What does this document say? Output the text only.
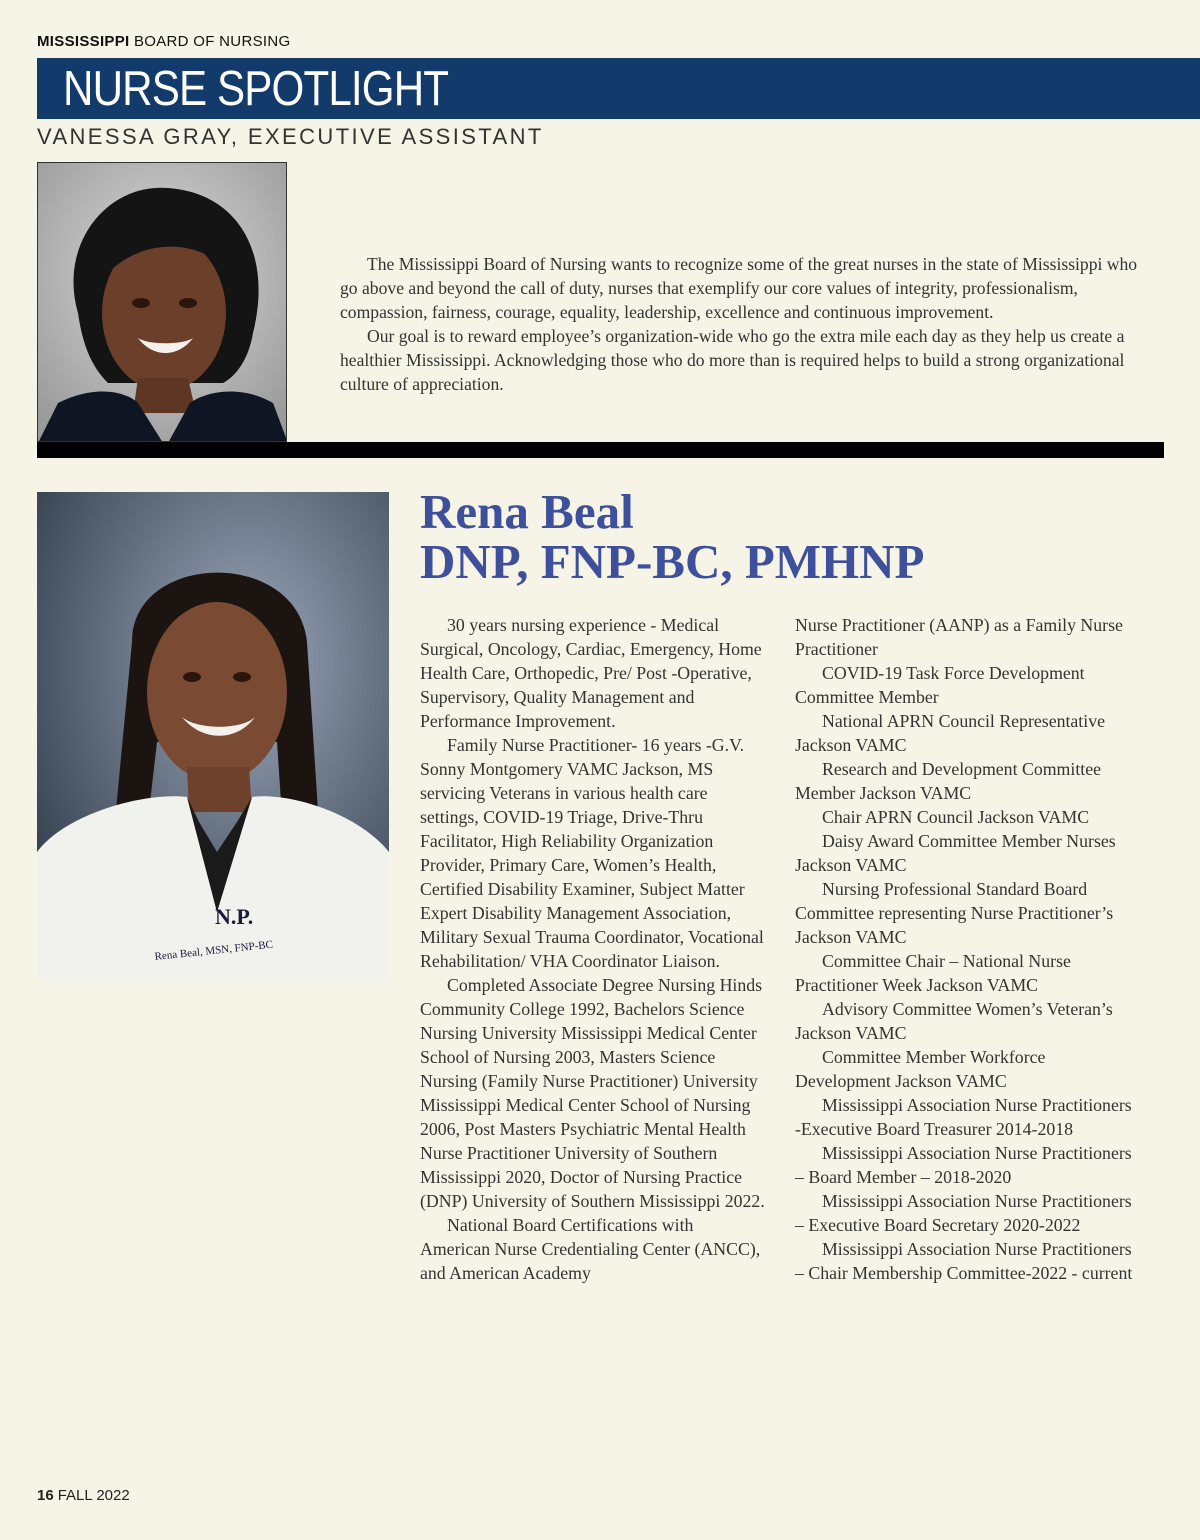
MISSISSIPPI BOARD OF NURSING
NURSE SPOTLIGHT
VANESSA GRAY, EXECUTIVE ASSISTANT

The Mississippi Board of Nursing wants to recognize some of the great nurses in the state of Mississippi who go above and beyond the call of duty, nurses that exemplify our core values of integrity, professionalism, compassion, fairness, courage, equality, leadership, excellence and continuous improvement.

Our goal is to reward employee’s organization-wide who go the extra mile each day as they help us create a healthier Mississippi. Acknowledging those who do more than is required helps to build a strong organizational culture of appreciation.

N.P.
Rena Beal, MSN, FNP-BC
Rena Beal
DNP, FNP-BC, PMHNP

30 years nursing experience - Medical Surgical, Oncology, Cardiac, Emergency, Home Health Care, Orthopedic, Pre/ Post -Operative, Supervisory, Quality Management and Performance Improvement.

Family Nurse Practitioner- 16 years -G.V. Sonny Montgomery VAMC Jackson, MS servicing Veterans in various health care settings, COVID-19 Triage, Drive-Thru Facilitator, High Reliability Organization Provider, Primary Care, Women’s Health, Certified Disability Examiner, Subject Matter Expert Disability Management Association, Military Sexual Trauma Coordinator, Vocational Rehabilitation/ VHA Coordinator Liaison.

Completed Associate Degree Nursing Hinds Community College 1992, Bachelors Science Nursing University Mississippi Medical Center School of Nursing 2003, Masters Science Nursing (Family Nurse Practitioner) University Mississippi Medical Center School of Nursing 2006, Post Masters Psychiatric Mental Health Nurse Practitioner University of Southern Mississippi 2020, Doctor of Nursing Practice (DNP) University of Southern Mississippi 2022.

National Board Certifications with American Nurse Credentialing Center (ANCC), and American Academy

Nurse Practitioner (AANP) as a Family Nurse Practitioner

COVID-19 Task Force Development Committee Member

National APRN Council Representative Jackson VAMC

Research and Development Committee Member Jackson VAMC

Chair APRN Council Jackson VAMC

Daisy Award Committee Member Nurses Jackson VAMC

Nursing Professional Standard Board Committee representing Nurse Practitioner’s Jackson VAMC

Committee Chair – National Nurse Practitioner Week Jackson VAMC

Advisory Committee Women’s Veteran’s Jackson VAMC

Committee Member Workforce Development Jackson VAMC

Mississippi Association Nurse Practitioners -Executive Board Treasurer 2014-2018

Mississippi Association Nurse Practitioners – Board Member – 2018-2020

Mississippi Association Nurse Practitioners – Executive Board Secretary 2020-2022

Mississippi Association Nurse Practitioners – Chair Membership Committee-2022 - current

16 FALL 2022
